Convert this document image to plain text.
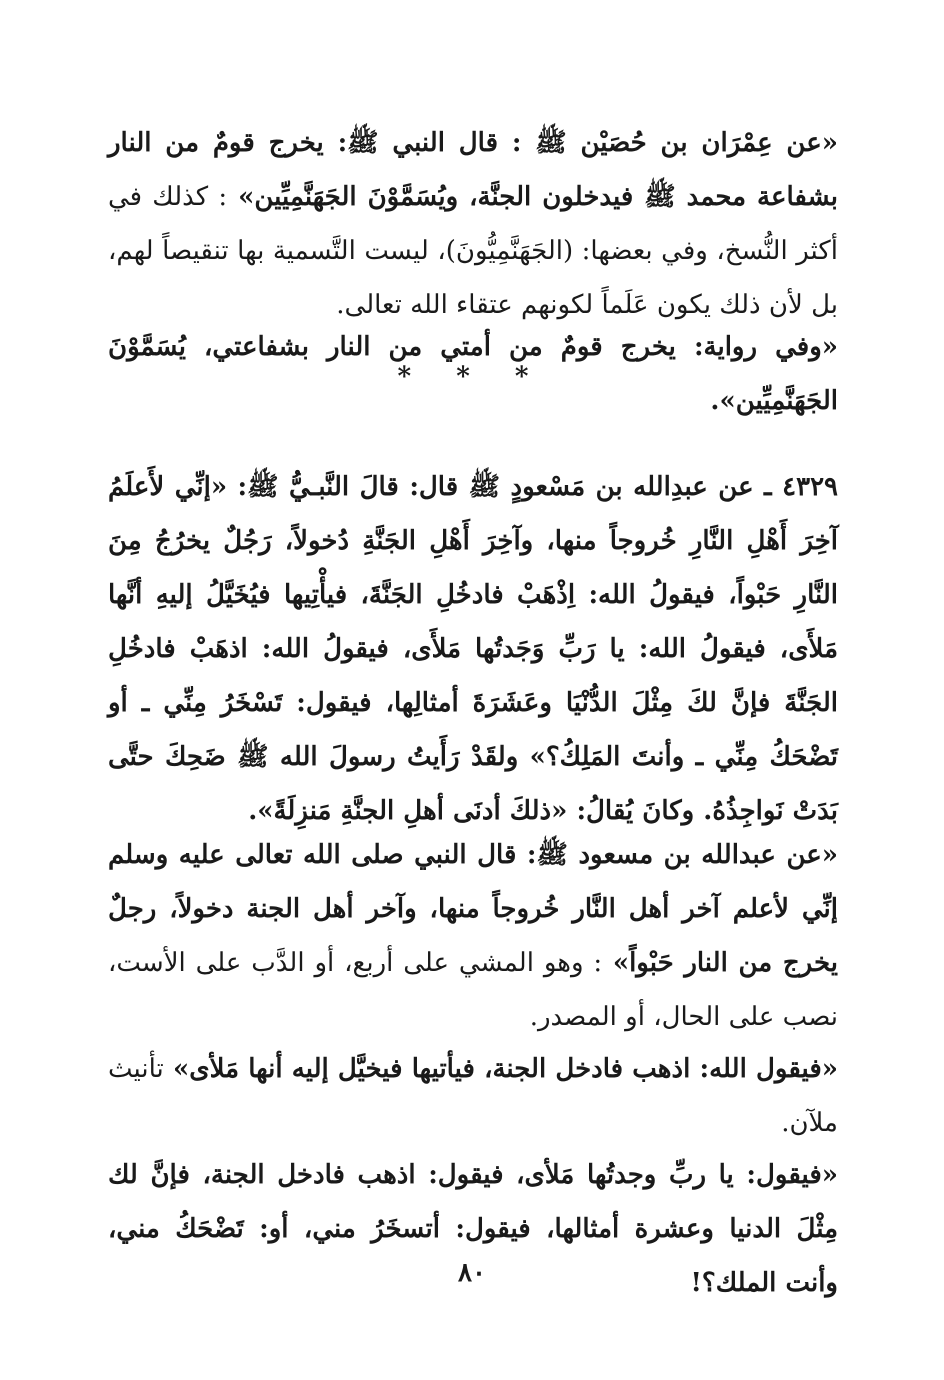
«عن عِمْرَان بن حُصَيْن ﷺ : قال النبي ﷺ: يخرج قومٌ من النار بشفاعة محمد ﷺ فيدخلون الجنَّة، ويُسَمَّوْنَ الجَهَنَّمِيِّين» : كذلك في أكثر النُّسخ، وفي بعضها: (الجَهَنَّمِيُّونَ)، ليست التَّسمية بها تنقيصاً لهم، بل لأن ذلك يكون عَلَماً لكونهم عتقاء الله تعالى.

«وفي رواية: يخرج قومٌ من أمتي من النار بشفاعتي، يُسَمَّوْنَ الجَهَنَّمِيِّين».

* * *

٤٣٢٩ ـ عن عبدِالله بن مَسْعودٍ ﷺ قال: قالَ النَّبـيُّ ﷺ: «إنِّي لأَعلَمُ آخِرَ أَهْلِ النَّارِ خُروجاً منها، وآخِرَ أَهْلِ الجَنَّةِ دُخولاً، رَجُلٌ يخرُجُ مِنَ النَّارِ حَبْواً، فيقولُ الله: اِذْهَبْ فادخُلِ الجَنَّةَ، فيأْتِيها فيُخَيَّلُ إليهِ أنَّها مَلأَى، فيقولُ الله: يا رَبِّ وَجَدتُها مَلأَى، فيقولُ الله: اذهَبْ فادخُلِ الجَنَّةَ فإنَّ لكَ مِثْلَ الدُّنْيَا وعَشَرَةَ أمثالِها، فيقول: تَسْخَرُ مِنِّي ـ أو تَضْحَكُ مِنِّي ـ وأنتَ المَلِكُ؟» ولقَدْ رَأَيتُ رسولَ الله ﷺ ضَحِكَ حتَّى بَدَتْ نَواجِذُهُ. وكانَ يُقالُ: «ذلكَ أدنَى أهلِ الجنَّةِ مَنزِلَةً».

«عن عبدالله بن مسعود ﷺ: قال النبي صلى الله تعالى عليه وسلم إنِّي لأعلم آخر أهل النَّار خُروجاً منها، وآخر أهل الجنة دخولاً، رجلٌ يخرج من النار حَبْواً» : وهو المشي على أربع، أو الدَّب على الأست، نصب على الحال، أو المصدر.

«فيقول الله: اذهب فادخل الجنة، فيأتيها فيخيَّل إليه أنها مَلأى» تأنيث ملآن.

«فيقول: يا ربِّ وجدتُها مَلأى، فيقول: اذهب فادخل الجنة، فإنَّ لك مِثْلَ الدنيا وعشرة أمثالها، فيقول: أتسخَرُ مني، أو: تَضْحَكُ مني، وأنت الملك؟!

٨٠
